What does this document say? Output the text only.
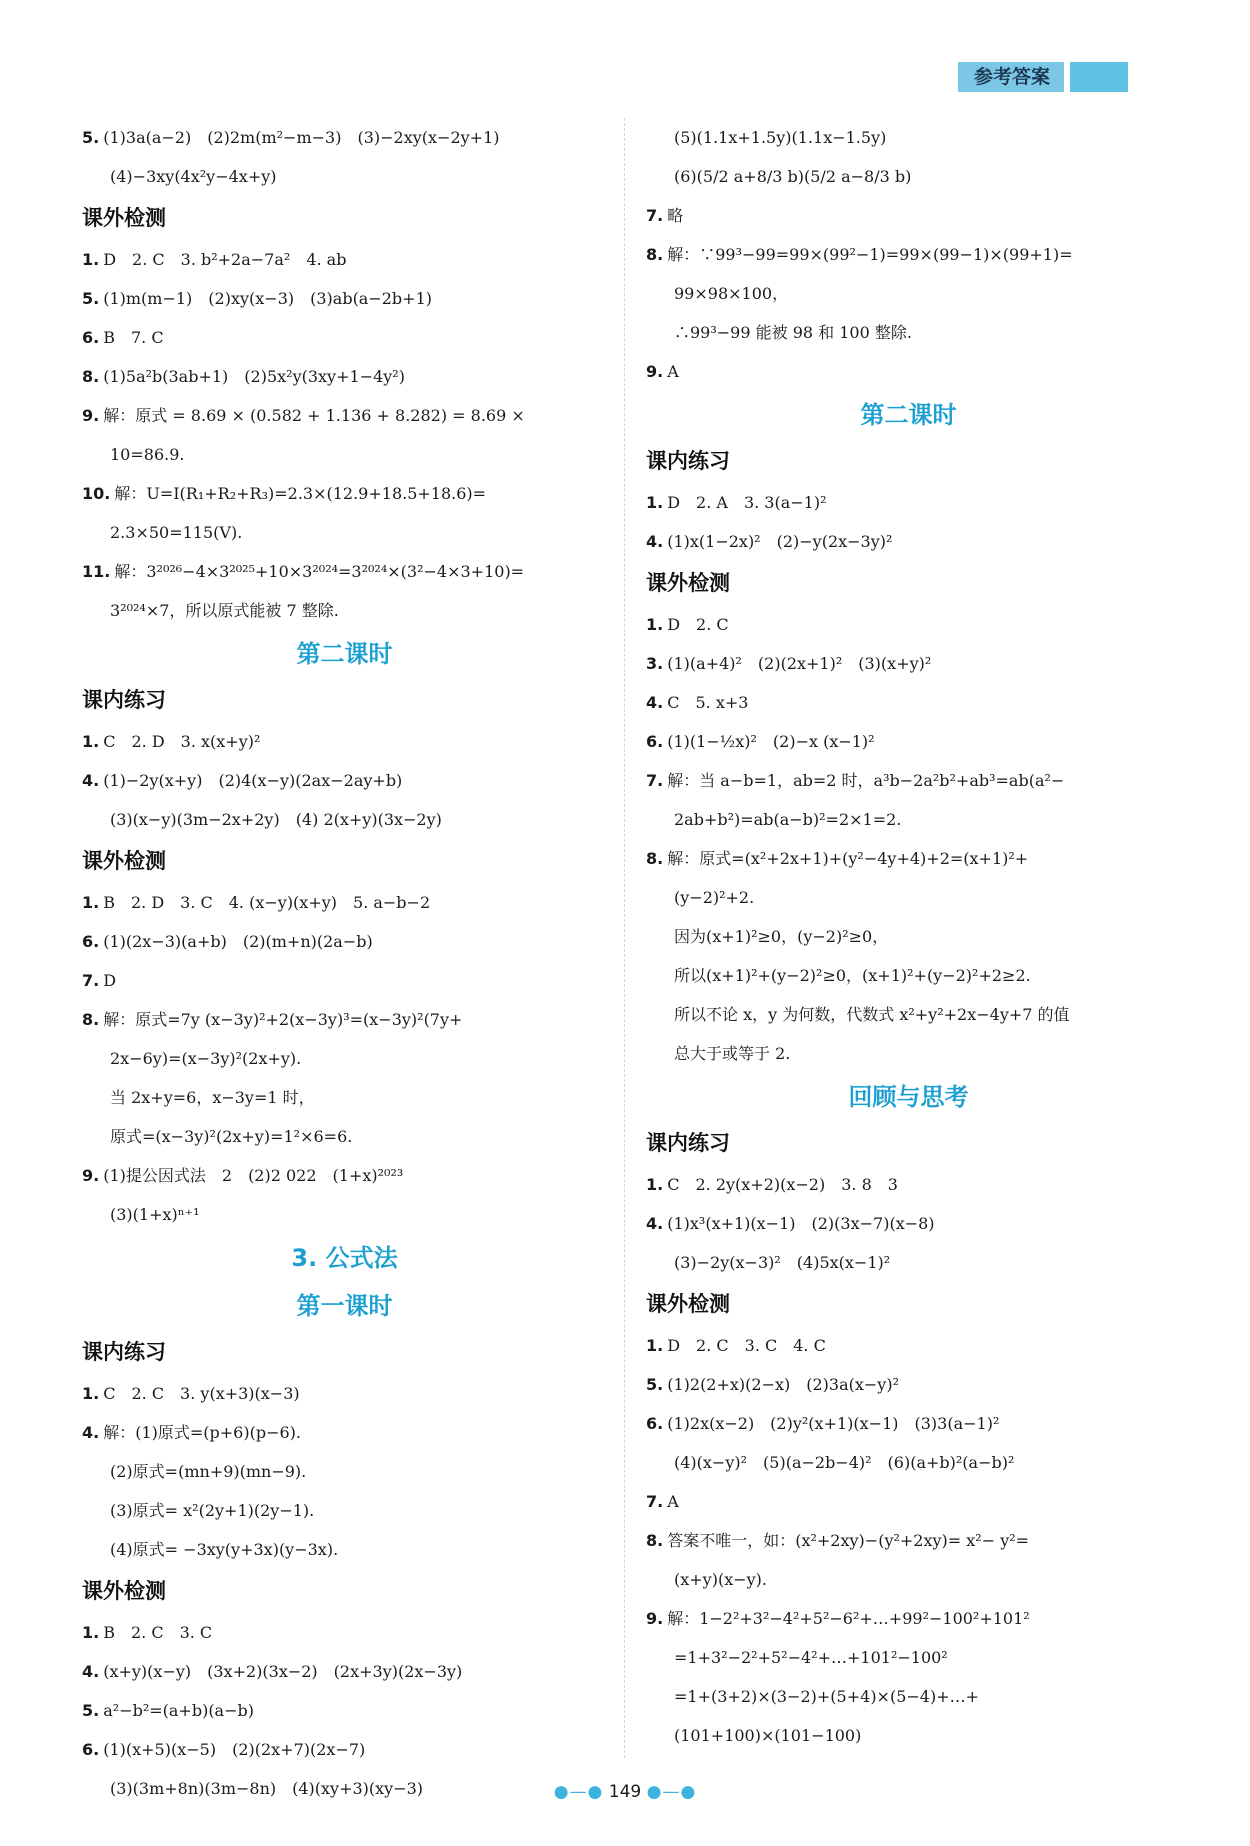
参考答案
5. (1)3a(a−2)　(2)2m(m²−m−3)　(3)−2xy(x−2y+1)
(4)−3xy(4x²y−4x+y)
课外检测
1. D　2. C　3. b²+2a−7a²　4. ab
5. (1)m(m−1)　(2)xy(x−3)　(3)ab(a−2b+1)
6. B　7. C
8. (1)5a²b(3ab+1)　(2)5x²y(3xy+1−4y²)
9. 解：原式 = 8.69 × (0.582 + 1.136 + 8.282) = 8.69 ×
10=86.9.
10. 解：U=I(R₁+R₂+R₃)=2.3×(12.9+18.5+18.6)=
2.3×50=115(V).
11. 解：3²⁰²⁶−4×3²⁰²⁵+10×3²⁰²⁴=3²⁰²⁴×(3²−4×3+10)=
3²⁰²⁴×7，所以原式能被 7 整除.
第二课时
课内练习
1. C　2. D　3. x(x+y)²
4. (1)−2y(x+y)　(2)4(x−y)(2ax−2ay+b)
(3)(x−y)(3m−2x+2y)　(4) 2(x+y)(3x−2y)
课外检测
1. B　2. D　3. C　4. (x−y)(x+y)　5. a−b−2
6. (1)(2x−3)(a+b)　(2)(m+n)(2a−b)
7. D
8. 解：原式=7y (x−3y)²+2(x−3y)³=(x−3y)²(7y+
2x−6y)=(x−3y)²(2x+y).
当 2x+y=6，x−3y=1 时，
原式=(x−3y)²(2x+y)=1²×6=6.
9. (1)提公因式法　2　(2)2 022　(1+x)²⁰²³
(3)(1+x)ⁿ⁺¹
3. 公式法
第一课时
课内练习
1. C　2. C　3. y(x+3)(x−3)
4. 解：(1)原式=(p+6)(p−6).
(2)原式=(mn+9)(mn−9).
(3)原式= x²(2y+1)(2y−1).
(4)原式= −3xy(y+3x)(y−3x).
课外检测
1. B　2. C　3. C
4. (x+y)(x−y)　(3x+2)(3x−2)　(2x+3y)(2x−3y)
5. a²−b²=(a+b)(a−b)
6. (1)(x+5)(x−5)　(2)(2x+7)(2x−7)
(3)(3m+8n)(3m−8n)　(4)(xy+3)(xy−3)
(5)(1.1x+1.5y)(1.1x−1.5y)
(6)(5/2 a+8/3 b)(5/2 a−8/3 b)
7. 略
8. 解：∵99³−99=99×(99²−1)=99×(99−1)×(99+1)=
99×98×100，
∴99³−99 能被 98 和 100 整除.
9. A
第二课时
课内练习
1. D　2. A　3. 3(a−1)²
4. (1)x(1−2x)²　(2)−y(2x−3y)²
课外检测
1. D　2. C
3. (1)(a+4)²　(2)(2x+1)²　(3)(x+y)²
4. C　5. x+3
6. (1)(1−½x)²　(2)−x (x−1)²
7. 解：当 a−b=1，ab=2 时，a³b−2a²b²+ab³=ab(a²−
2ab+b²)=ab(a−b)²=2×1=2.
8. 解：原式=(x²+2x+1)+(y²−4y+4)+2=(x+1)²+
(y−2)²+2.
因为(x+1)²≥0，(y−2)²≥0，
所以(x+1)²+(y−2)²≥0，(x+1)²+(y−2)²+2≥2.
所以不论 x，y 为何数，代数式 x²+y²+2x−4y+7 的值
总大于或等于 2.
回顾与思考
课内练习
1. C　2. 2y(x+2)(x−2)　3. 8　3
4. (1)x³(x+1)(x−1)　(2)(3x−7)(x−8)
(3)−2y(x−3)²　(4)5x(x−1)²
课外检测
1. D　2. C　3. C　4. C
5. (1)2(2+x)(2−x)　(2)3a(x−y)²
6. (1)2x(x−2)　(2)y²(x+1)(x−1)　(3)3(a−1)²
(4)(x−y)²　(5)(a−2b−4)²　(6)(a+b)²(a−b)²
7. A
8. 答案不唯一，如：(x²+2xy)−(y²+2xy)= x²− y²=
(x+y)(x−y).
9. 解：1−2²+3²−4²+5²−6²+…+99²−100²+101²
=1+3²−2²+5²−4²+…+101²−100²
=1+(3+2)×(3−2)+(5+4)×(5−4)+…+
(101+100)×(101−100)
●—● 149 ●—●
